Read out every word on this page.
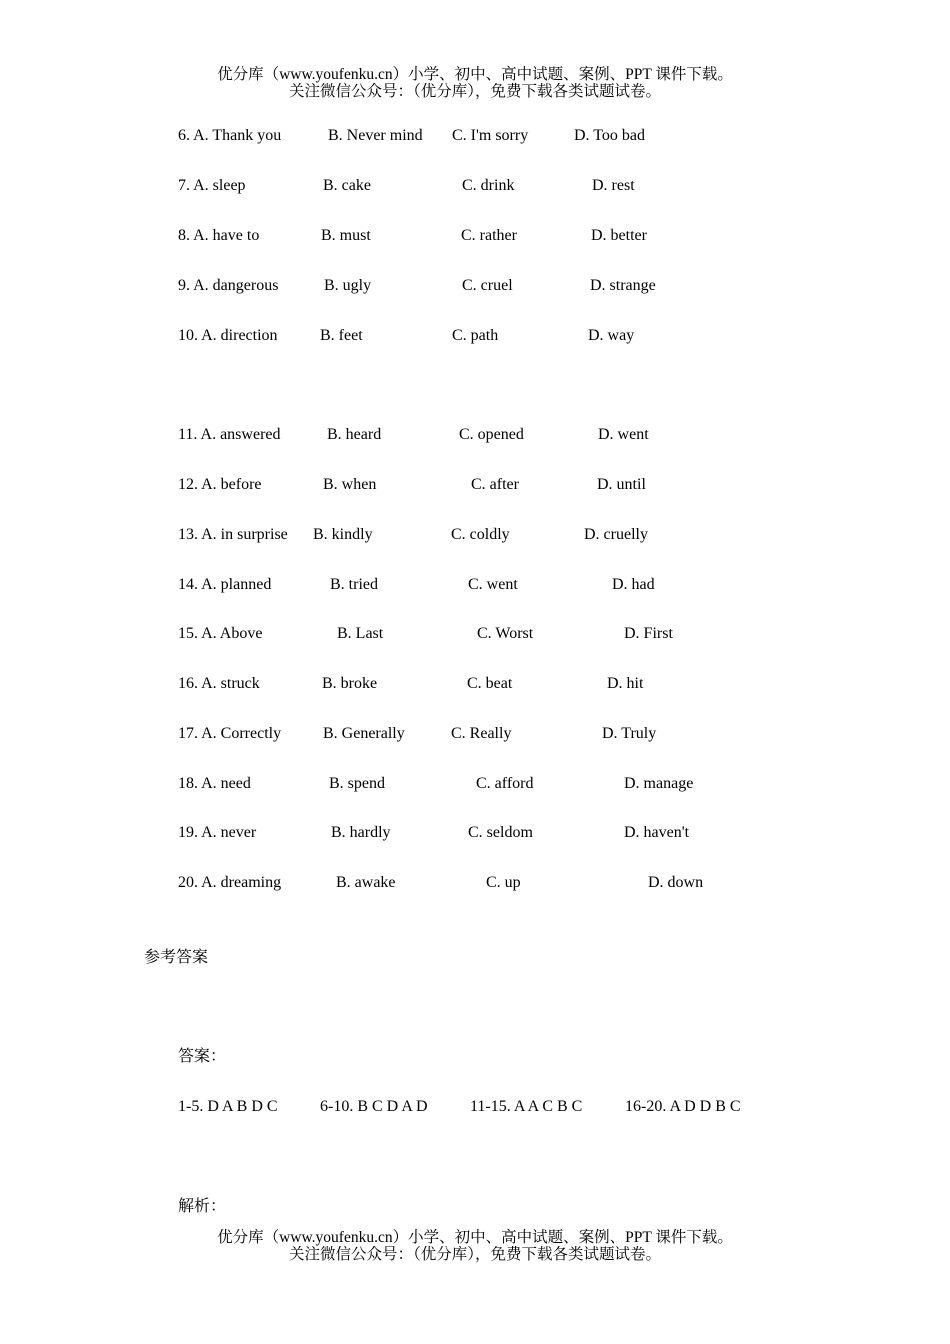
优分库（www.youfenku.cn）小学、初中、高中试题、案例、PPT 课件下载。
关注微信公众号：（优分库），免费下载各类试题试卷。
6. A. Thank you	B. Never mind C. I'm sorry	D. Too bad
7. A. sleep	B. cake	C. drink	D. rest
8. A. have to	B. must	C. rather	D. better
9. A. dangerous	B. ugly	C. cruel	D. strange
10. A. direction	B. feet	C. path	D. way
11. A. answered	B. heard	C. opened	D. went
12. A. before	B. when	C. after	D. until
13. A. in surprise B. kindly	C. coldly	D. cruelly
14. A. planned	B. tried	C. went	D. had
15. A. Above	B. Last	C. Worst	D. First
16. A. struck	B. broke	C. beat	D. hit
17. A. Correctly	B. Generally	C. Really	D. Truly
18. A. need	B. spend	C. afford	D. manage
19. A. never	B. hardly	C. seldom	D. haven't
20. A. dreaming	B. awake	C. up	D. down
参考答案
答案：
1-5. D A B D C	6-10. B C D A D	11-15. A A C B C	16-20. A D D B C
解析：
优分库（www.youfenku.cn）小学、初中、高中试题、案例、PPT 课件下载。
关注微信公众号：（优分库），免费下载各类试题试卷。
